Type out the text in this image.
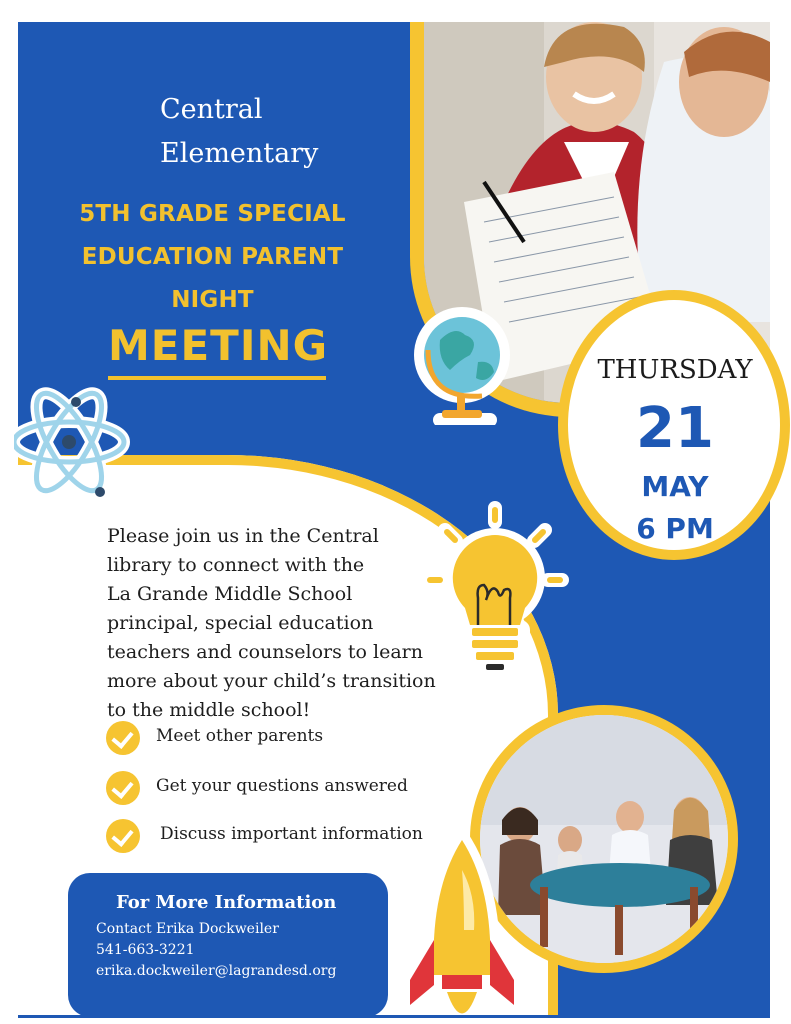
Central
Elementary
5TH GRADE SPECIAL
EDUCATION PARENT
NIGHT
MEETING	THURSDAY
21
MAY
6 PM
Please join us in the Central
library to connect with the
La Grande Middle School
principal, special education
teachers and counselors to learn
more about your child’s transition
to the middle school!
Meet other parents
Get your questions answered
Discuss important information
For More Information
Contact Erika Dockweiler
541-663-3221
erika.dockweiler@lagrandesd.org
